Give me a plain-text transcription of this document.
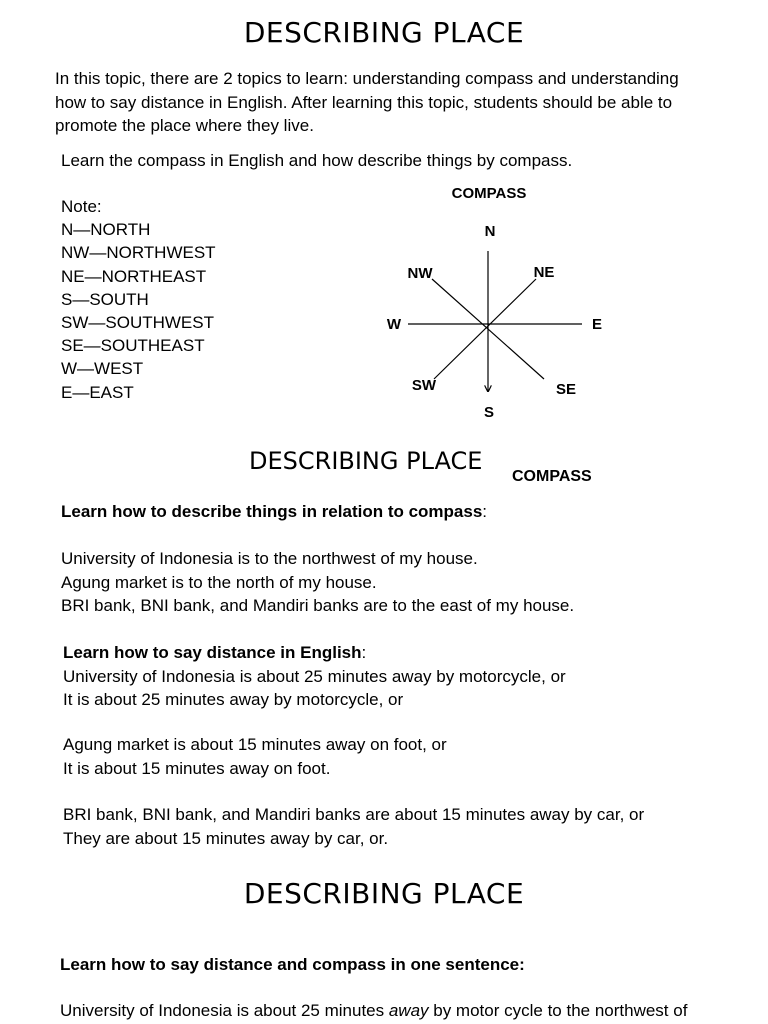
DESCRIBING PLACE
In this topic, there are 2 topics to learn: understanding compass and understanding
how to say distance in English. After learning this topic, students should be able to
promote the place where they live.
Learn the compass in English and how describe things by compass.
Note:
N—NORTH
NW—NORTHWEST
NE—NORTHEAST
S—SOUTH
SW—SOUTHWEST
SE—SOUTHEAST
W—WEST
E—EAST
COMPASS
N
NW	NE
W	E
SW	SE
S
DESCRIBING PLACE
COMPASS
Learn how to describe things in relation to compass:
University of Indonesia is to the northwest of my house.
Agung market is to the north of my house.
BRI bank, BNI bank, and Mandiri banks are to the east of my house.
Learn how to say distance in English:
University of Indonesia is about 25 minutes away by motorcycle, or
It is about 25 minutes away by motorcycle, or
Agung market is about 15 minutes away on foot, or
It is about 15 minutes away on foot.
BRI bank, BNI bank, and Mandiri banks are about 15 minutes away by car, or
They are about 15 minutes away by car, or.
DESCRIBING PLACE
Learn how to say distance and compass in one sentence:
University of Indonesia is about 25 minutes away by motor cycle to the northwest of
